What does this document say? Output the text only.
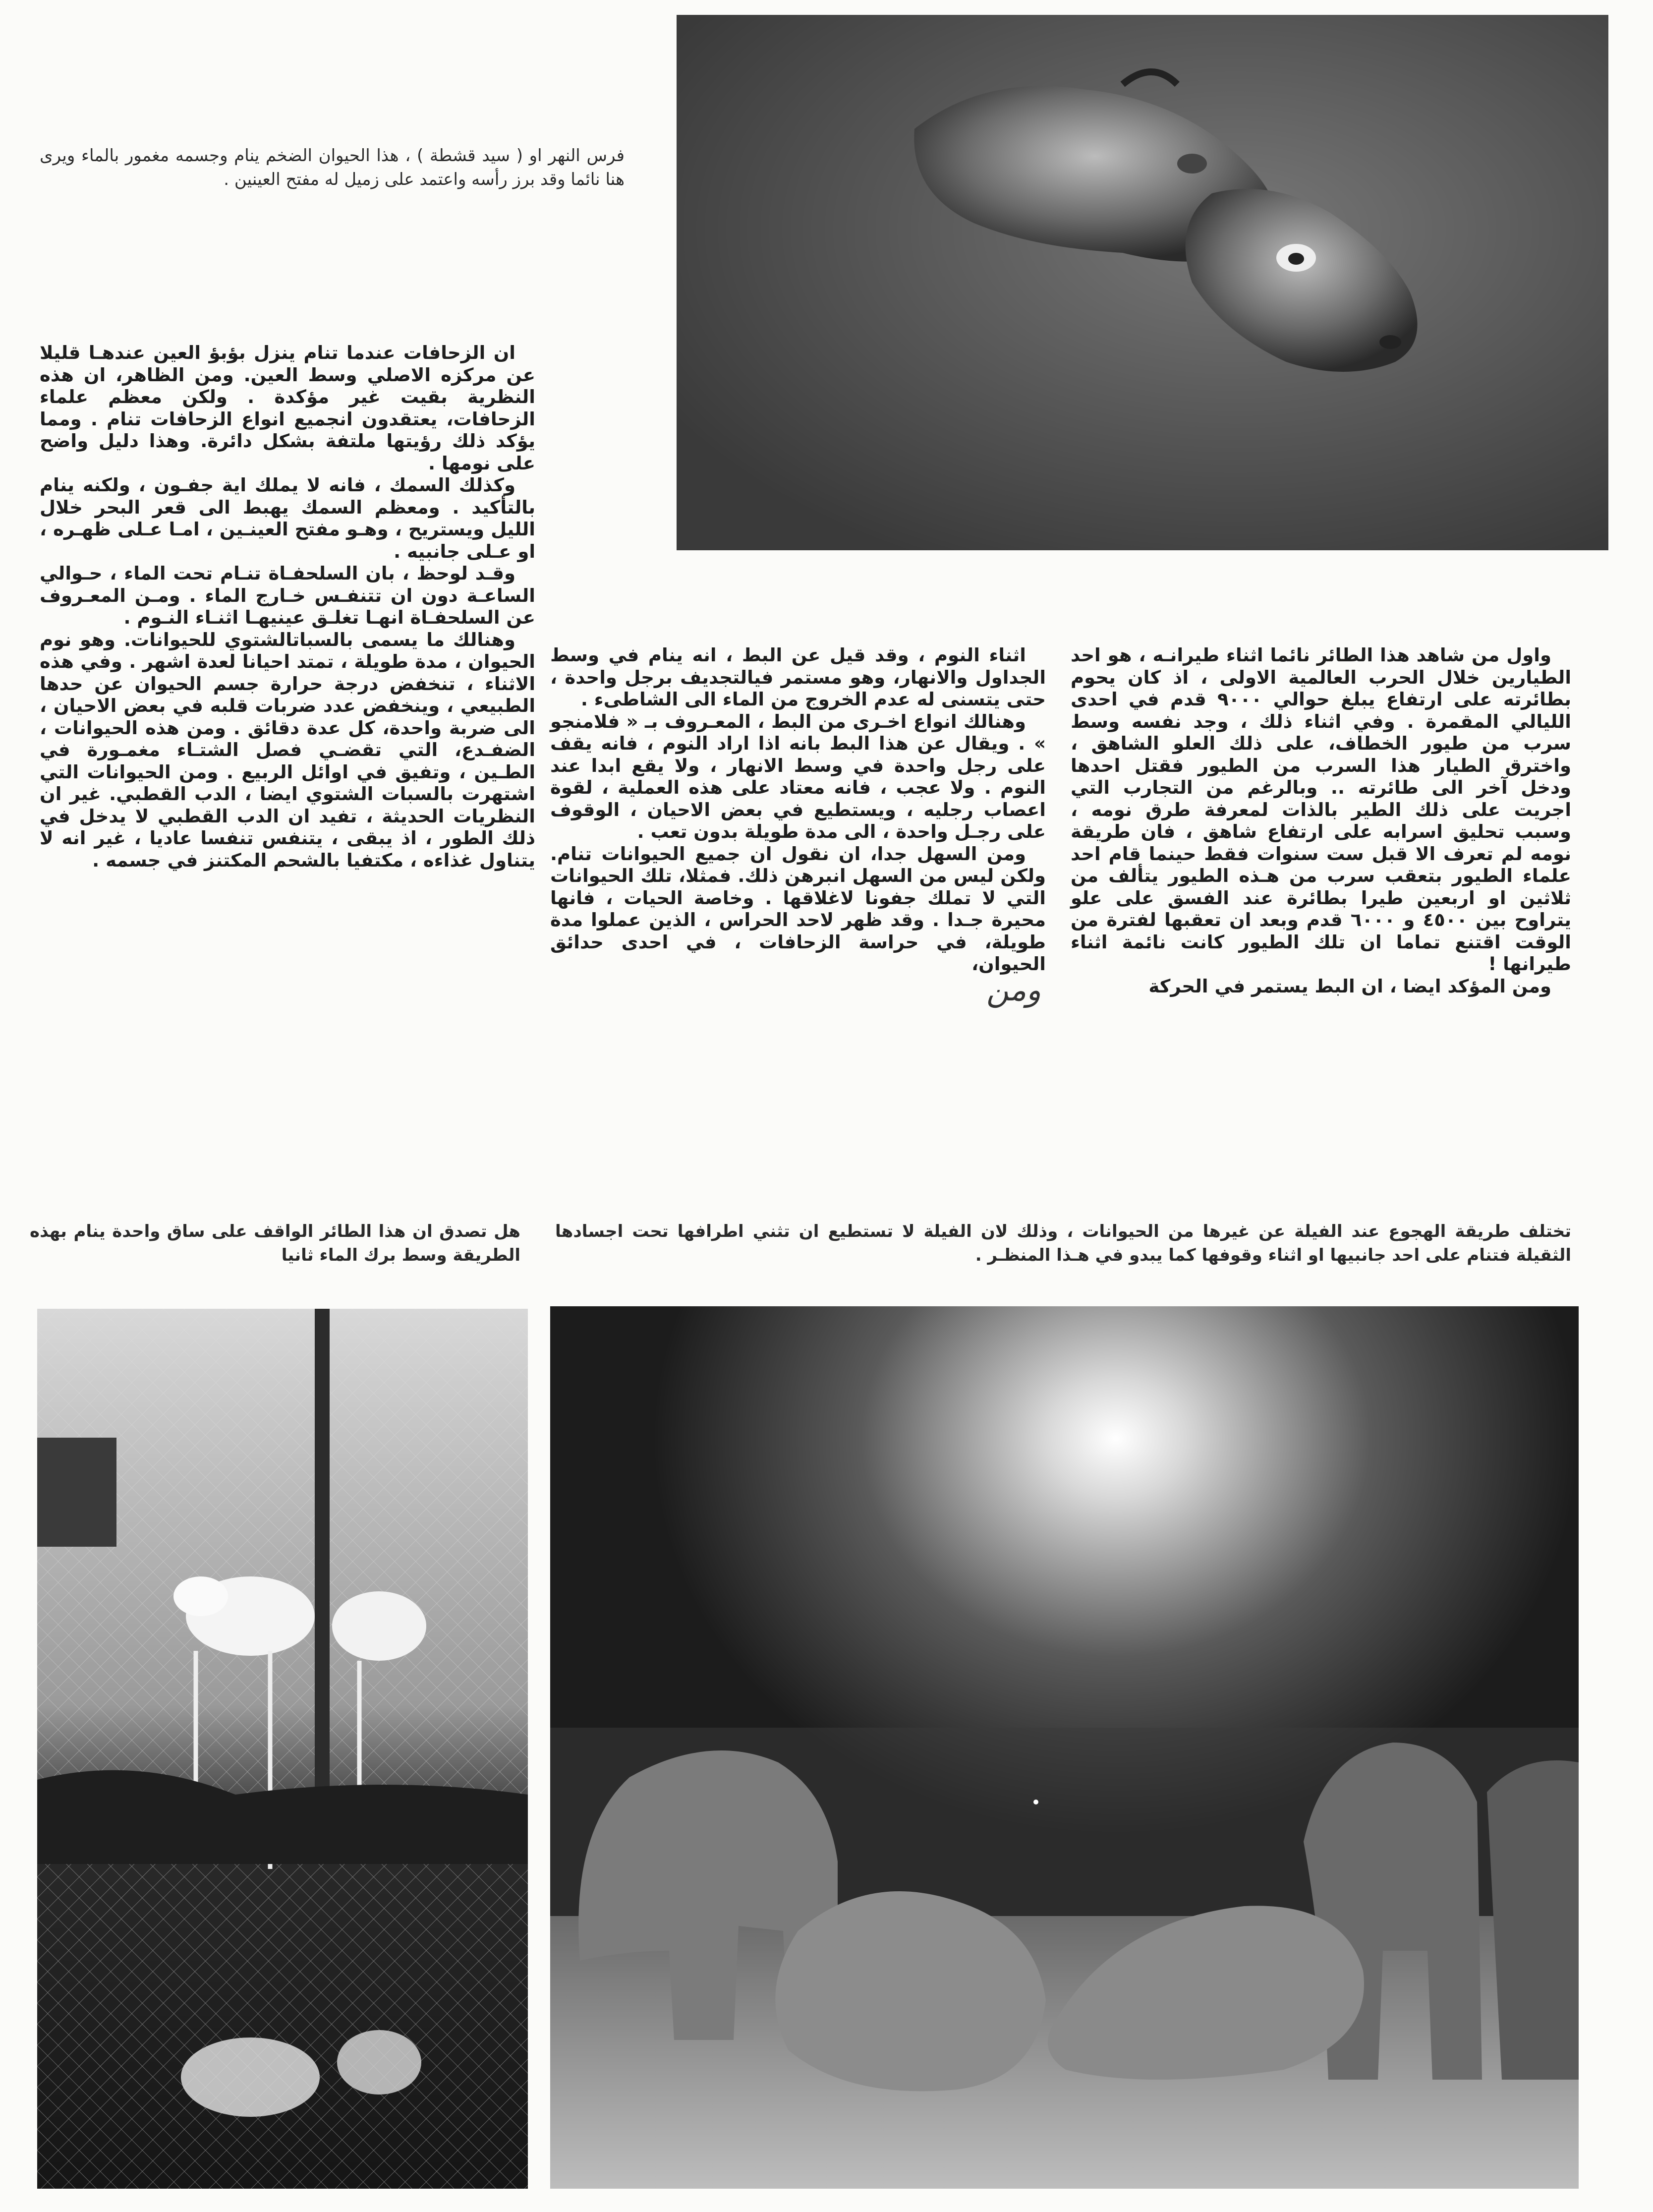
فرس النهر او ( سيد قشطة ) ، هذا الحيوان الضخم ينام وجسمه مغمور بالماء ويرى هنا نائما وقد برز رأسه واعتمد على زميل له مفتح العينين .

ان الزحافات عندما تنام ينزل بؤبؤ العين عندهـا قليلا عن مركزه الاصلي وسط العين. ومن الظاهر، ان هذه النظرية بقيت غير مؤكدة . ولكن معظم علماء الزحافات، يعتقدون انجميع انواع الزحافات تنام . ومما يؤكد ذلك رؤيتها ملتفة بشكل دائرة. وهذا دليل واضح على نومها .

وكذلك السمك ، فانه لا يملك اية جفـون ، ولكنه ينام بالتأكيد . ومعظم السمك يهبط الى قعر البحر خلال الليل ويستريح ، وهـو مفتح العينـين ، امـا عـلى ظهـره ، او عـلى جانبيه .

وقـد لوحظ ، بان السلحفـاة تنـام تحت الماء ، حـوالي الساعـة دون ان تتنفـس خـارج الماء . ومـن المعـروف عن السلحفـاة انهـا تغلـق عينيهـا اثنـاء النـوم .

وهنالك ما يسمى بالسباتالشتوي للحيوانات. وهو نوم الحيوان ، مدة طويلة ، تمتد احيانا لعدة اشهر . وفي هذه الاثناء ، تنخفض درجة حرارة جسم الحيوان عن حدها الطبيعي ، وينخفض عدد ضربات قلبه في بعض الاحيان ، الى ضربة واحدة، كل عدة دقائق . ومن هذه الحيوانات ، الضفـدع، التي تقضـي فصل الشتـاء مغمـورة في الطـين ، وتفيق في اوائل الربيع . ومن الحيوانات التي اشتهرت بالسبات الشتوي ايضا ، الدب القطبي. غير ان النظريات الحديثة ، تفيد ان الدب القطبي لا يدخل في ذلك الطور ، اذ يبقى ، يتنفس تنفسا عاديا ، غير انه لا يتناول غذاءه ، مكتفيا بالشحم المكتنز في جسمه .

اثناء النوم ، وقد قيل عن البط ، انه ينام في وسط الجداول والانهار، وهو مستمر فيالتجديف برجل واحدة ، حتى يتسنى له عدم الخروج من الماء الى الشاطىء .

وهنالك انواع اخـرى من البط ، المعـروف بـ « فلامنجو » . ويقال عن هذا البط بانه اذا اراد النوم ، فانه يقف على رجل واحدة في وسط الانهار ، ولا يقع ابدا عند النوم . ولا عجب ، فانه معتاد على هذه العملية ، لقوة اعصاب رجليه ، ويستطيع في بعض الاحيان ، الوقوف على رجـل واحدة ، الى مدة طويلة بدون تعب .

ومن السهل جدا، ان نقول ان جميع الحيوانات تنام. ولكن ليس من السهل انبرهن ذلك. فمثلا، تلك الحيوانات التي لا تملك جفونا لاغلاقها . وخاصة الحيات ، فانها محيرة جـدا . وقد ظهر لاحد الحراس ، الذين عملوا مدة طويلة، في حراسة الزحافات ، في احدى حدائق الحيوان،

ومن

واول من شاهد هذا الطائر نائما اثناء طيرانـه ، هو احد الطيارين خلال الحرب العالمية الاولى ، اذ كان يحوم بطائرته على ارتفاع يبلغ حوالي ٩٠٠٠ قدم في احدى الليالي المقمرة . وفي اثناء ذلك ، وجد نفسه وسط سرب من طيور الخطاف، على ذلك العلو الشاهق ، واخترق الطيار هذا السرب من الطيور فقتل احدها ودخل آخر الى طائرته .. وبالرغم من التجارب التي اجريت على ذلك الطير بالذات لمعرفة طرق نومه ، وسبب تحليق اسرابه على ارتفاع شاهق ، فان طريقة نومه لم تعرف الا قبل ست سنوات فقط حينما قام احد علماء الطيور بتعقب سرب من هـذه الطيور يتألف من ثلاثين او اربعين طيرا بطائرة عند الفسق على علو يتراوح بين ٤٥٠٠ و ٦٠٠٠ قدم وبعد ان تعقبها لفترة من الوقت اقتنع تماما ان تلك الطيور كانت نائمة اثناء طيرانها !

ومن المؤكد ايضا ، ان البط يستمر في الحركة

تختلف طريقة الهجوع عند الفيلة عن غيرها من الحيوانات ، وذلك لان الفيلة لا تستطيع ان تثني اطرافها تحت اجسادها الثقيلة فتنام على احد جانبيها او اثناء وقوفها كما يبدو في هـذا المنظـر .
هل تصدق ان هذا الطائر الواقف على ساق واحدة ينام بهذه الطريقة وسط برك الماء ثانيا
